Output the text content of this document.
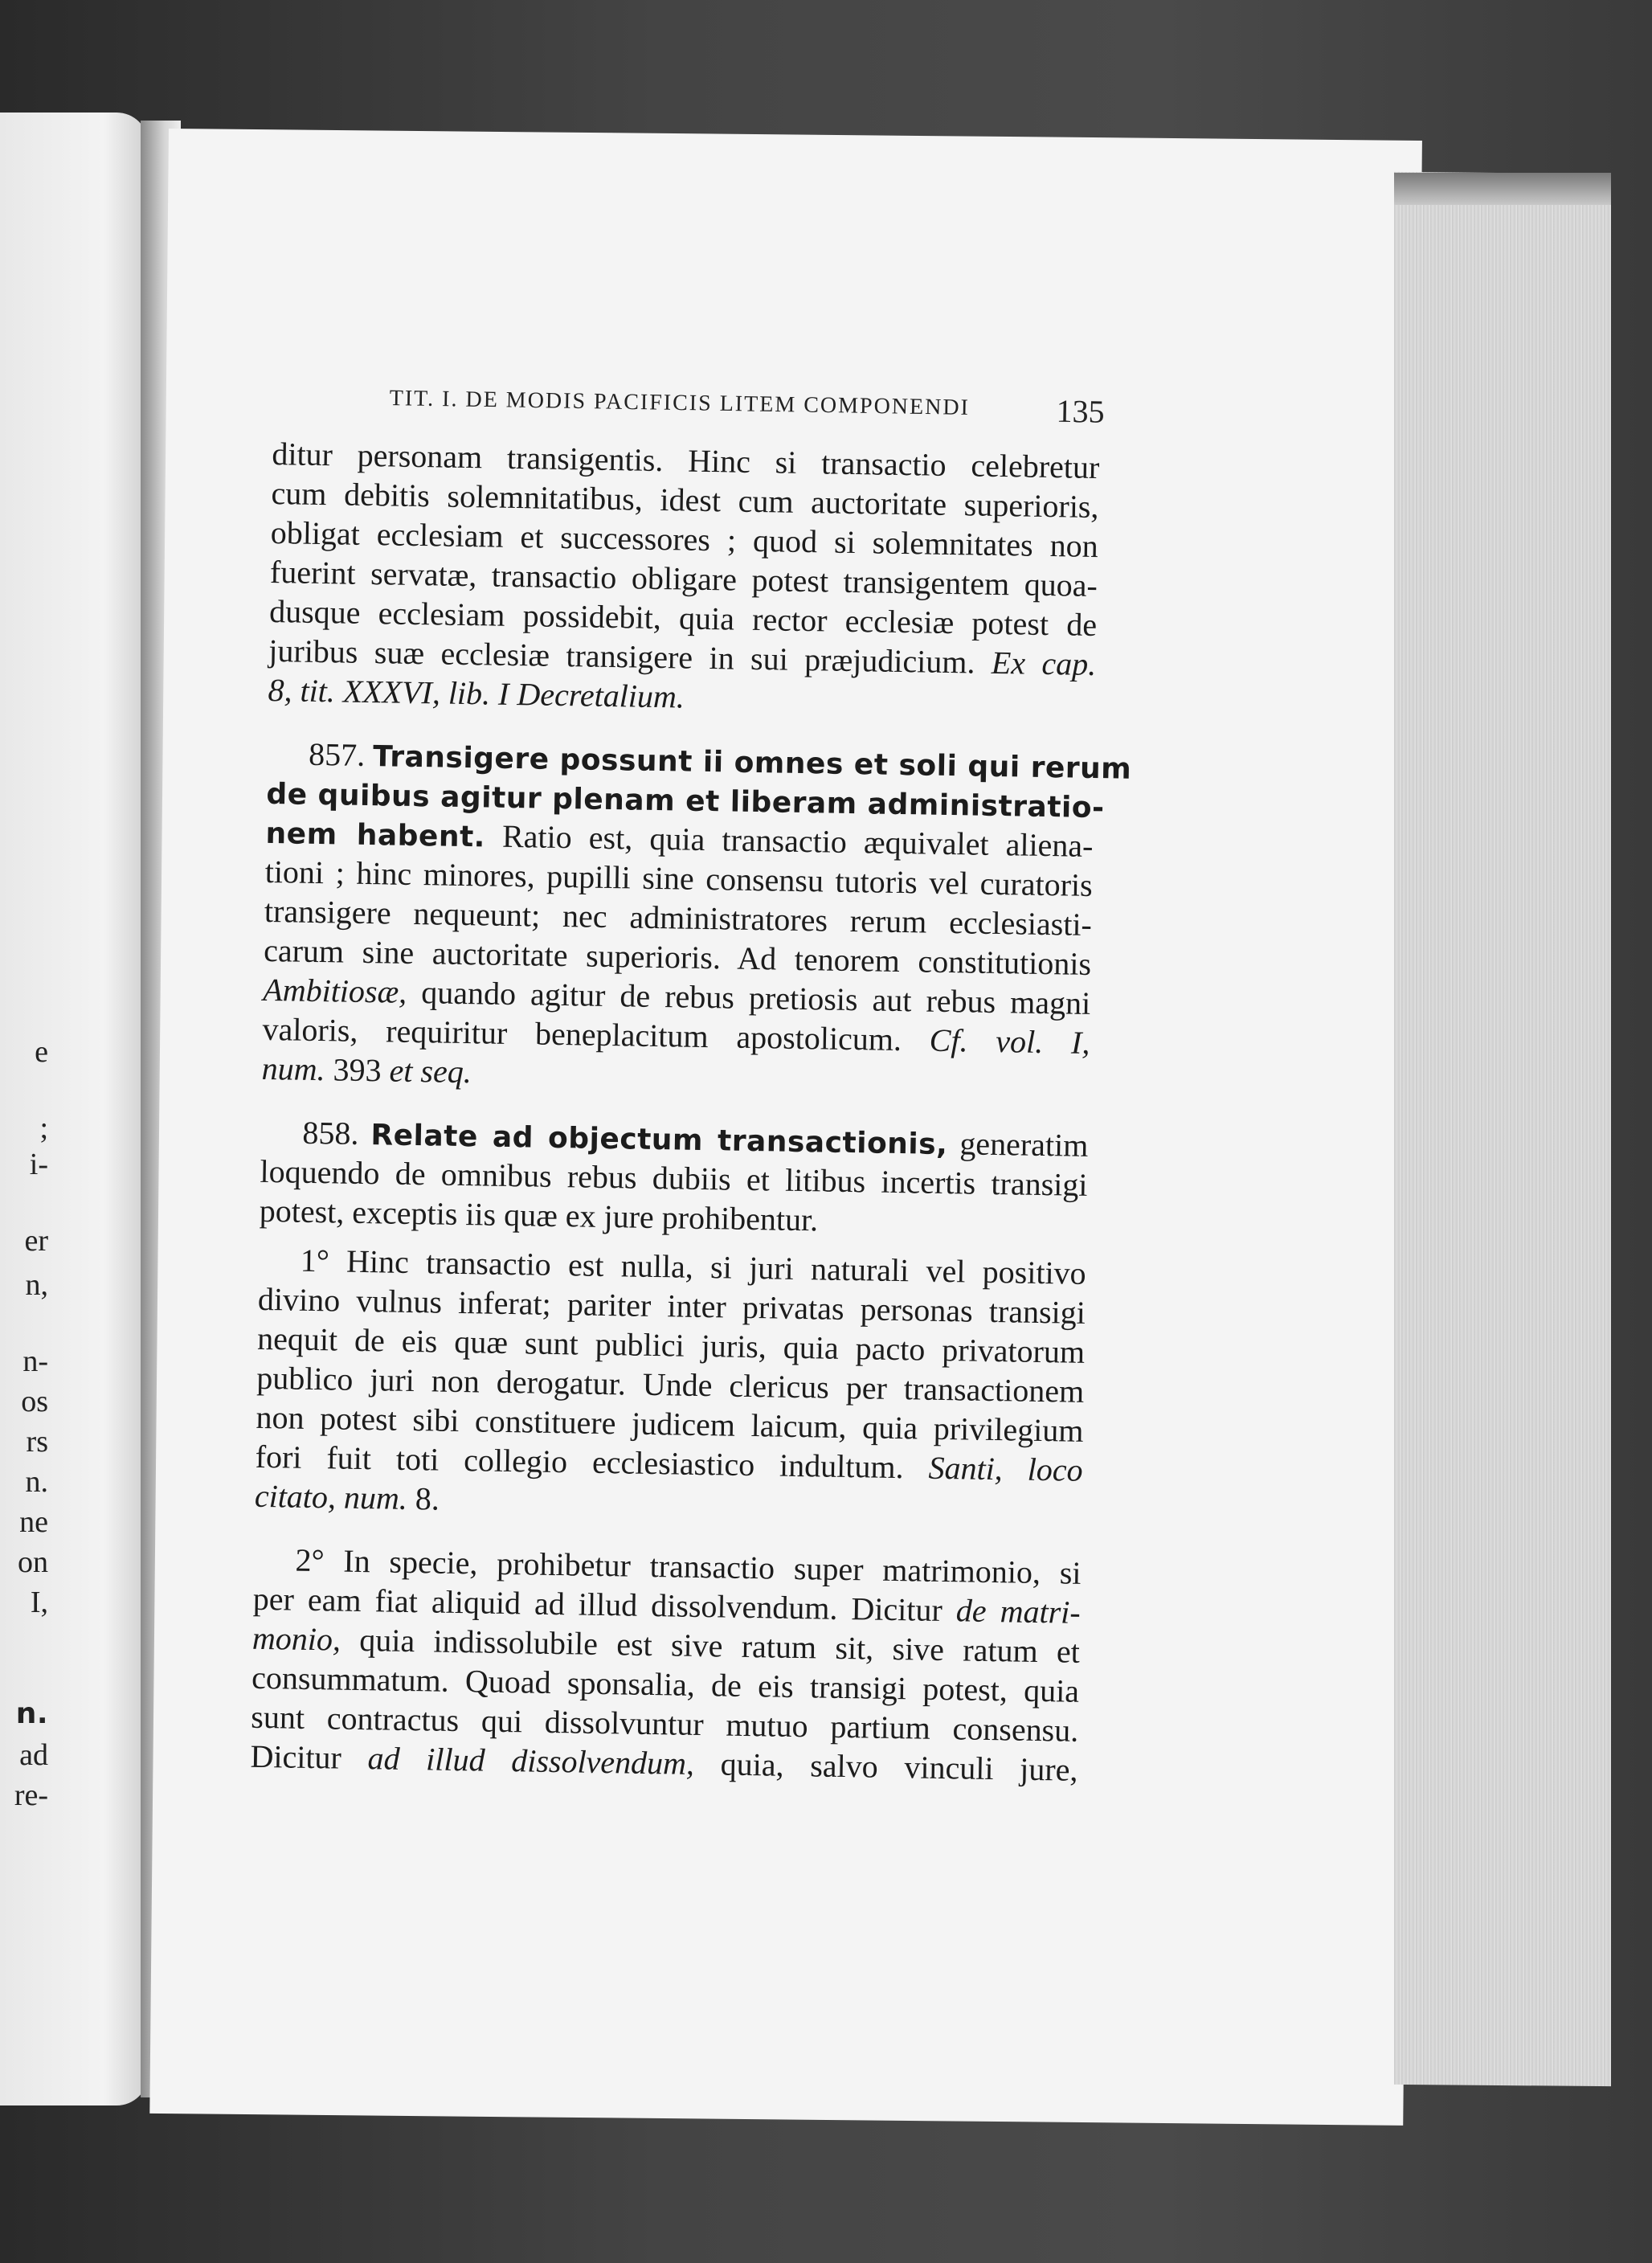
e
;
i-
er
n,
n-
os
rs
n.
ne
on
I,
n.
ad
re-
TIT. I. DE MODIS PACIFICIS LITEM COMPONENDI	135
ditur personam transigentis. Hinc si transactio celebretur
cum debitis solemnitatibus, idest cum auctoritate superioris,
obligat ecclesiam et successores ; quod si solemnitates non
fuerint servatæ, transactio obligare potest transigentem quoa-
dusque ecclesiam possidebit, quia rector ecclesiæ potest de
juribus suæ ecclesiæ transigere in sui præjudicium. Ex cap.
8, tit. XXXVI, lib. I Decretalium.
857. Transigere possunt ii omnes et soli qui rerum
de quibus agitur plenam et liberam administratio-
nem habent. Ratio est, quia transactio æquivalet aliena-
tioni ; hinc minores, pupilli sine consensu tutoris vel curatoris
transigere nequeunt; nec administratores rerum ecclesiasti-
carum sine auctoritate superioris. Ad tenorem constitutionis
Ambitiosæ, quando agitur de rebus pretiosis aut rebus magni
valoris, requiritur beneplacitum apostolicum. Cf. vol. I,
num. 393 et seq.
858. Relate ad objectum transactionis, generatim
loquendo de omnibus rebus dubiis et litibus incertis transigi
potest, exceptis iis quæ ex jure prohibentur.
1° Hinc transactio est nulla, si juri naturali vel positivo
divino vulnus inferat; pariter inter privatas personas transigi
nequit de eis quæ sunt publici juris, quia pacto privatorum
publico juri non derogatur. Unde clericus per transactionem
non potest sibi constituere judicem laicum, quia privilegium
fori fuit toti collegio ecclesiastico indultum. Santi, loco
citato, num. 8.
2° In specie, prohibetur transactio super matrimonio, si
per eam fiat aliquid ad illud dissolvendum. Dicitur de matri-
monio, quia indissolubile est sive ratum sit, sive ratum et
consummatum. Quoad sponsalia, de eis transigi potest, quia
sunt contractus qui dissolvuntur mutuo partium consensu.
Dicitur ad illud dissolvendum, quia, salvo vinculi jure,
